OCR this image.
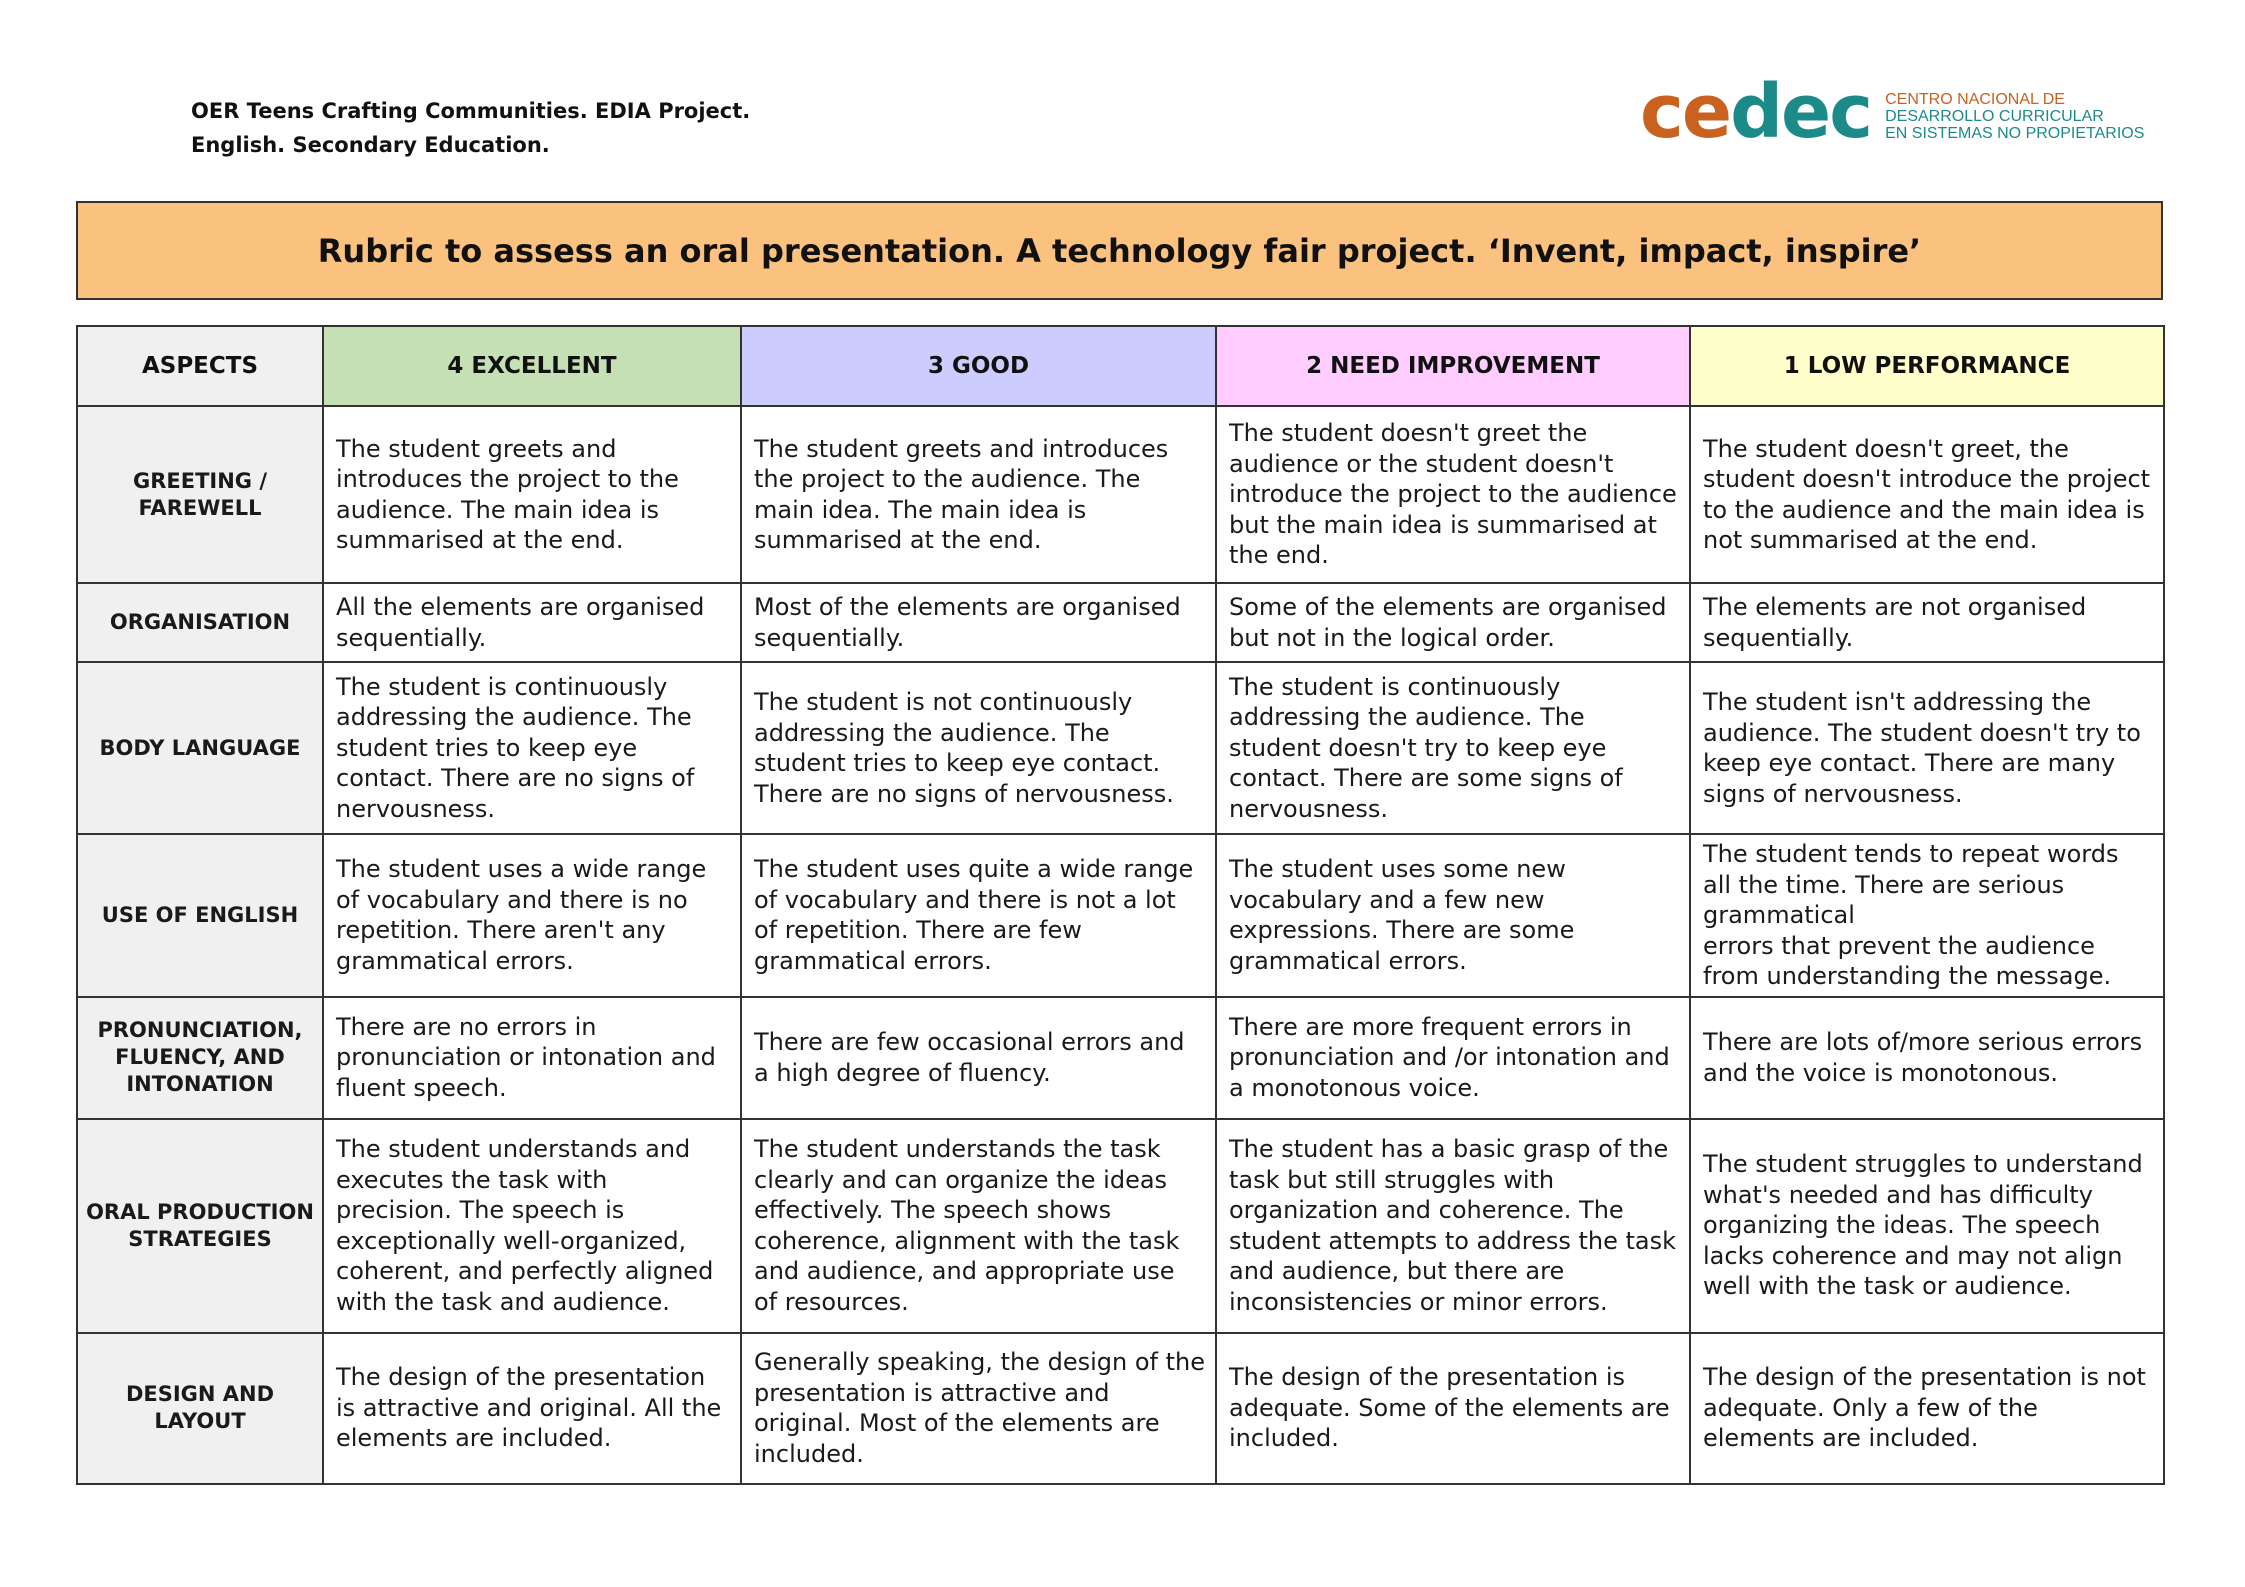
OER Teens Crafting Communities. EDIA Project.
English. Secondary Education.	cedec CENTRO NACIONAL DE
DESARROLLO CURRICULAR
EN SISTEMAS NO PROPIETARIOS
Rubric to assess an oral presentation. A technology fair project. ‘Invent, impact, inspire’
ASPECTS	4 EXCELLENT	3 GOOD	2 NEED IMPROVEMENT	1 LOW PERFORMANCE
GREETING / FAREWELL	The student greets and introduces the project to the audience. The main idea is summarised at the end.	The student greets and introduces the project to the audience. The main idea. The main idea is summarised at the end.	The student doesn't greet the audience or the student doesn't introduce the project to the audience but the main idea is summarised at the end.	The student doesn't greet, the student doesn't introduce the project to the audience and the main idea is not summarised at the end.
ORGANISATION	All the elements are organised sequentially.	Most of the elements are organised sequentially.	Some of the elements are organised but not in the logical order.	The elements are not organised sequentially.
BODY LANGUAGE	The student is continuously addressing the audience. The student tries to keep eye contact. There are no signs of nervousness.	The student is not continuously addressing the audience. The student tries to keep eye contact. There are no signs of nervousness.	The student is continuously addressing the audience. The student doesn't try to keep eye contact. There are some signs of nervousness.	The student isn't addressing the audience. The student doesn't try to keep eye contact. There are many signs of nervousness.
USE OF ENGLISH	The student uses a wide range of vocabulary and there is no repetition. There aren't any grammatical errors.	The student uses quite a wide range of vocabulary and there is not a lot of repetition. There are few grammatical errors.	The student uses some new vocabulary and a few new expressions. There are some grammatical errors.	The student tends to repeat words all the time. There are serious grammatical
errors that prevent the audience from understanding the message.

PRONUNCIATION, FLUENCY, AND INTONATION	There are no errors in pronunciation or intonation and fluent speech.	There are few occasional errors and a high degree of fluency.	There are more frequent errors in pronunciation and /or intonation and a monotonous voice.	There are lots of/more serious errors and the voice is monotonous.
ORAL PRODUCTION STRATEGIES	The student understands and executes the task with precision. The speech is exceptionally well-organized, coherent, and perfectly aligned with the task and audience.	The student understands the task clearly and can organize the ideas effectively. The speech shows coherence, alignment with the task and audience, and appropriate use of resources.	The student has a basic grasp of the task but still struggles with organization and coherence. The student attempts to address the task and audience, but there are inconsistencies or minor errors.	The student struggles to understand what's needed and has difficulty organizing the ideas. The speech lacks coherence and may not align well with the task or audience.
DESIGN AND LAYOUT	The design of the presentation is attractive and original. All the elements are included.	Generally speaking, the design of the presentation is attractive and original. Most of the elements are included.	The design of the presentation is adequate. Some of the elements are included.	The design of the presentation is not adequate. Only a few of the elements are included.
